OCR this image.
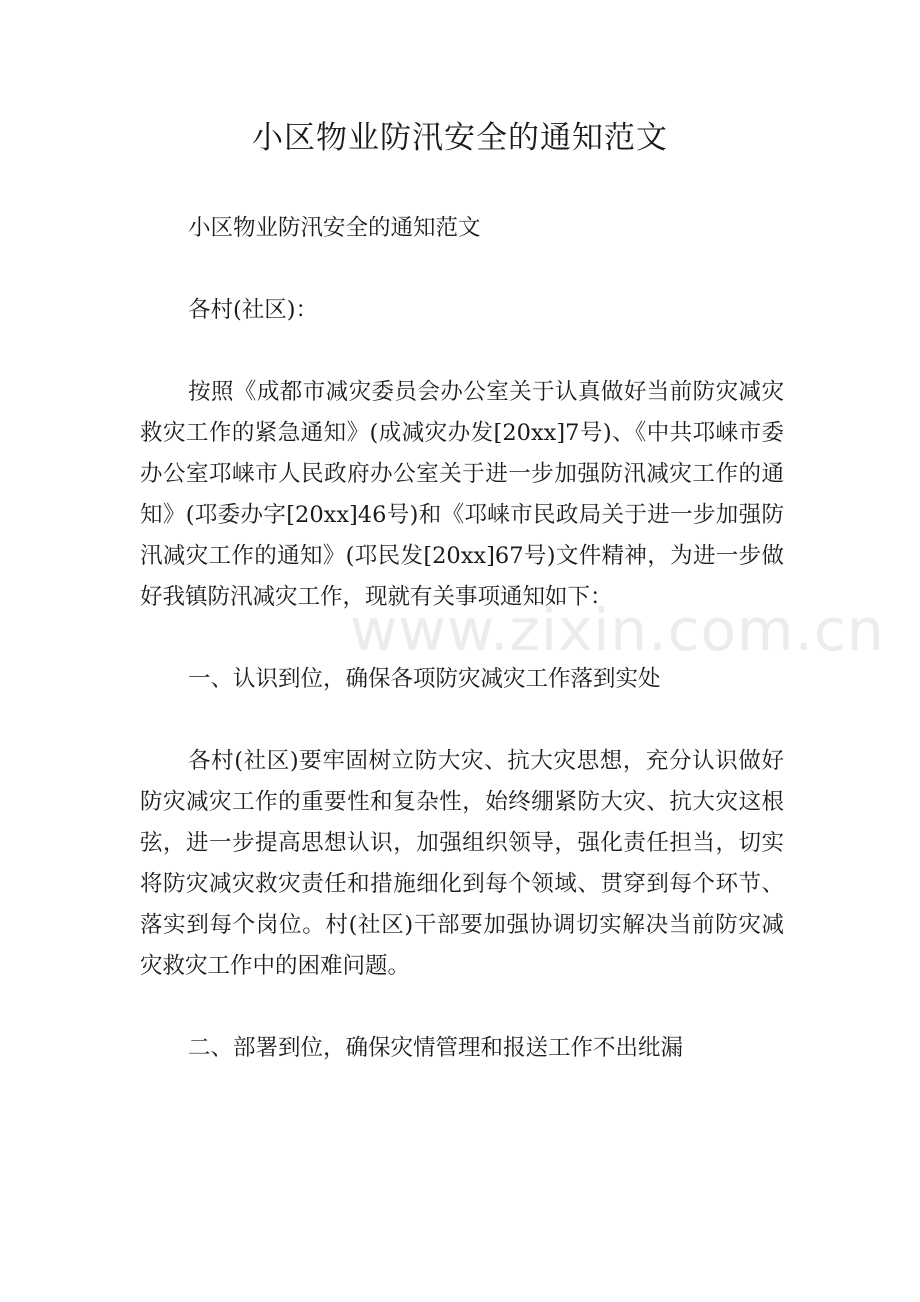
小区物业防汛安全的通知范文

小区物业防汛安全的通知范文

各村(社区)：

按照《成都市减灾委员会办公室关于认真做好当前防灾减灾救灾工作的紧急通知》(成减灾办发[20xx]7号)、《中共邛崃市委办公室邛崃市人民政府办公室关于进一步加强防汛减灾工作的通知》(邛委办字[20xx]46号)和《邛崃市民政局关于进一步加强防汛减灾工作的通知》(邛民发[20xx]67号)文件精神，为进一步做好我镇防汛减灾工作，现就有关事项通知如下：

一、认识到位，确保各项防灾减灾工作落到实处

各村(社区)要牢固树立防大灾、抗大灾思想，充分认识做好防灾减灾工作的重要性和复杂性，始终绷紧防大灾、抗大灾这根弦，进一步提高思想认识，加强组织领导，强化责任担当，切实将防灾减灾救灾责任和措施细化到每个领域、贯穿到每个环节、落实到每个岗位。村(社区)干部要加强协调切实解决当前防灾减灾救灾工作中的困难问题。

二、部署到位，确保灾情管理和报送工作不出纰漏

www.zixin.com.cn
